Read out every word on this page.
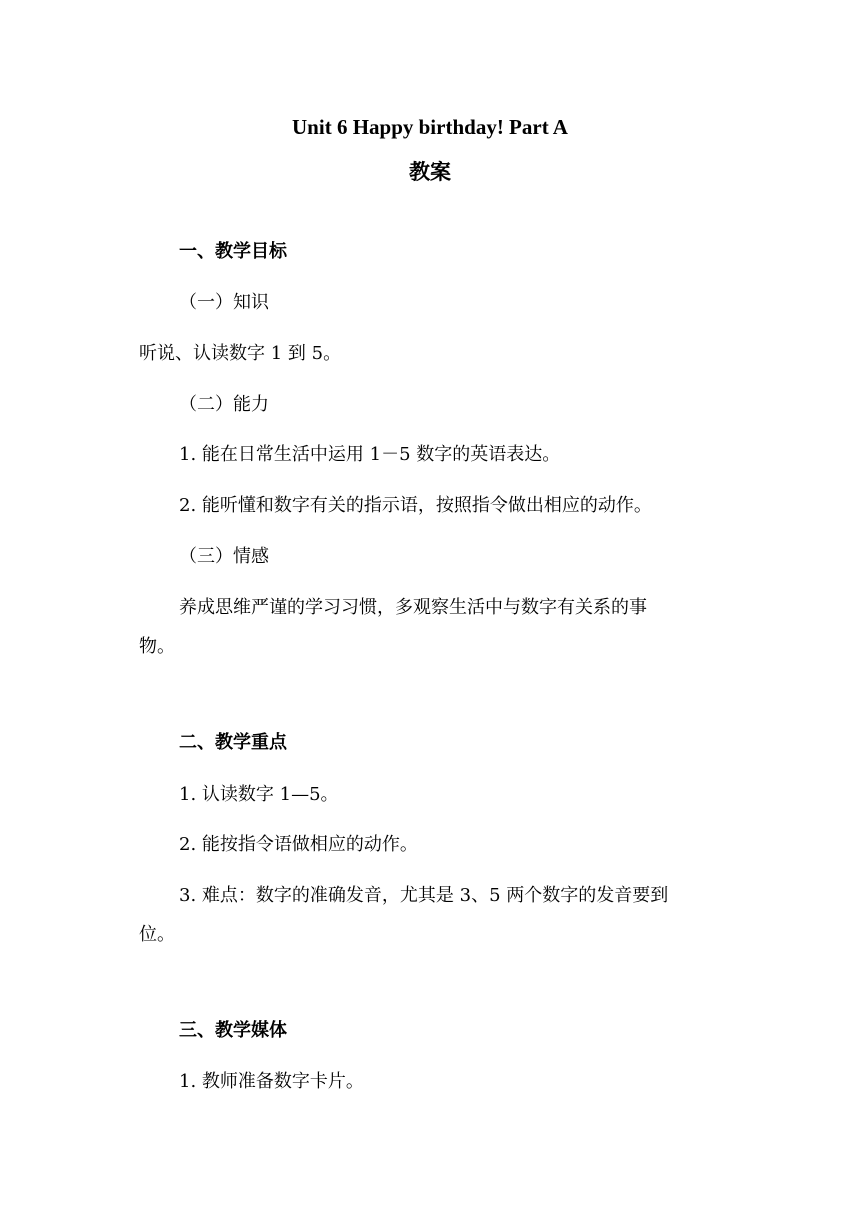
Unit 6 Happy birthday! Part A
教案
一、教学目标
（一）知识
听说、认读数字 1 到 5。
（二）能力
1. 能在日常生活中运用 1－5 数字的英语表达。
2. 能听懂和数字有关的指示语，按照指令做出相应的动作。
（三）情感
养成思维严谨的学习习惯，多观察生活中与数字有关系的事
物。
二、教学重点
1. 认读数字 1—5。
2. 能按指令语做相应的动作。
3. 难点：数字的准确发音，尤其是 3、5 两个数字的发音要到
位。
三、教学媒体
1. 教师准备数字卡片。
